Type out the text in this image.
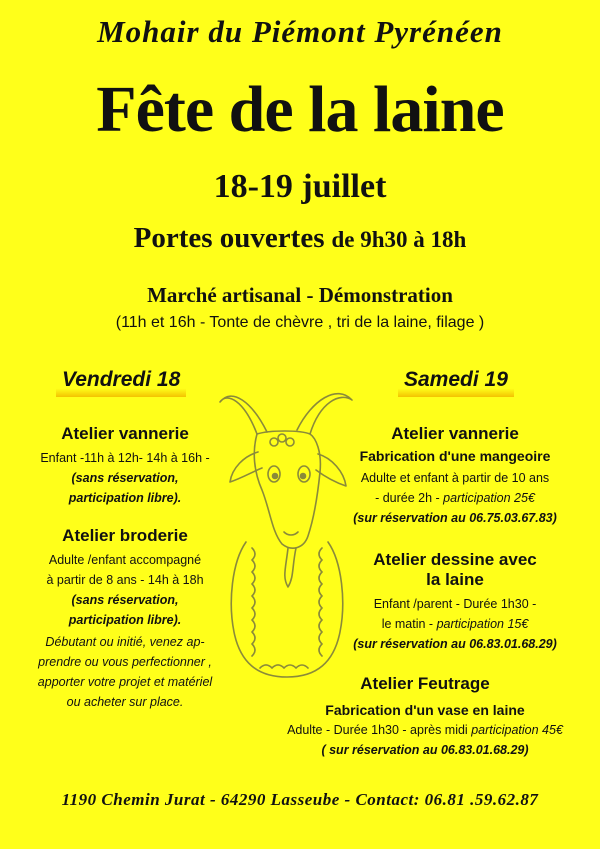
Mohair du Piémont Pyrénéen
Fête de la laine
18-19 juillet
Portes ouvertes de 9h30 à 18h
Marché artisanal - Démonstration
(11h et 16h - Tonte de chèvre , tri de la laine, filage )
Vendredi 18	Samedi 19
Atelier vannerie
Enfant -11h à 12h- 14h à 16h -
(sans réservation,
participation libre).
Atelier broderie
Adulte /enfant accompagné
à partir de 8 ans - 14h à 18h
(sans réservation,
participation libre).
Débutant ou initié, venez ap-
prendre ou vous perfectionner ,
apporter votre projet et matériel
ou acheter sur place.
Atelier vannerie
Fabrication d'une mangeoire
Adulte et enfant à partir de 10 ans
- durée 2h - participation 25€
(sur réservation au 06.75.03.67.83)
Atelier dessine avec
la laine
Enfant /parent - Durée 1h30 -
le matin - participation 15€
(sur réservation au 06.83.01.68.29)
Atelier Feutrage
Fabrication d'un vase en laine
Adulte - Durée 1h30 - après midi participation 45€
( sur réservation au 06.83.01.68.29)
1190 Chemin Jurat - 64290 Lasseube - Contact: 06.81 .59.62.87
